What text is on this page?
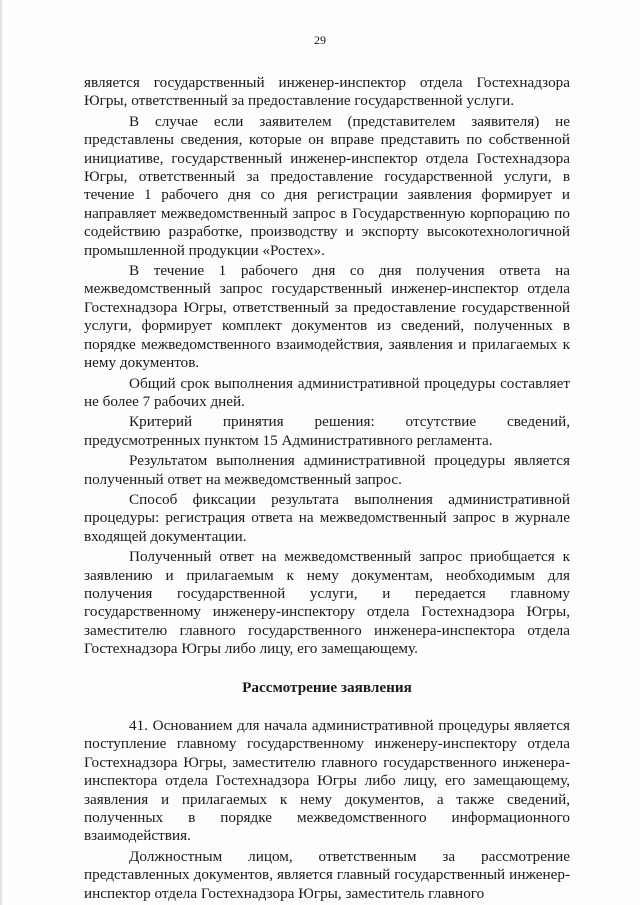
29

является государственный инженер-инспектор отдела Гостехнадзора Югры, ответственный за предоставление государственной услуги.

В случае если заявителем (представителем заявителя) не представлены сведения, которые он вправе представить по собственной инициативе, государственный инженер-инспектор отдела Гостехнадзора Югры, ответственный за предоставление государственной услуги, в течение 1 рабочего дня со дня регистрации заявления формирует и направляет межведомственный запрос в Государственную корпорацию по содействию разработке, производству и экспорту высокотехнологичной промышленной продукции «Ростех».

В течение 1 рабочего дня со дня получения ответа на межведомственный запрос государственный инженер-инспектор отдела Гостехнадзора Югры, ответственный за предоставление государственной услуги, формирует комплект документов из сведений, полученных в порядке межведомственного взаимодействия, заявления и прилагаемых к нему документов.

Общий срок выполнения административной процедуры составляет не более 7 рабочих дней.

Критерий принятия решения: отсутствие сведений, предусмотренных пунктом 15 Административного регламента.

Результатом выполнения административной процедуры является полученный ответ на межведомственный запрос.

Способ фиксации результата выполнения административной процедуры: регистрация ответа на межведомственный запрос в журнале входящей документации.

Полученный ответ на межведомственный запрос приобщается к заявлению и прилагаемым к нему документам, необходимым для получения государственной услуги, и передается главному государственному инженеру-инспектору отдела Гостехнадзора Югры, заместителю главного государственного инженера-инспектора отдела Гостехнадзора Югры либо лицу, его замещающему.

Рассмотрение заявления

41. Основанием для начала административной процедуры является поступление главному государственному инженеру-инспектору отдела Гостехнадзора Югры, заместителю главного государственного инженера-инспектора отдела Гостехнадзора Югры либо лицу, его замещающему, заявления и прилагаемых к нему документов, а также сведений, полученных в порядке межведомственного информационного взаимодействия.

Должностным лицом, ответственным за рассмотрение представленных документов, является главный государственный инженер-инспектор отдела Гостехнадзора Югры, заместитель главного
